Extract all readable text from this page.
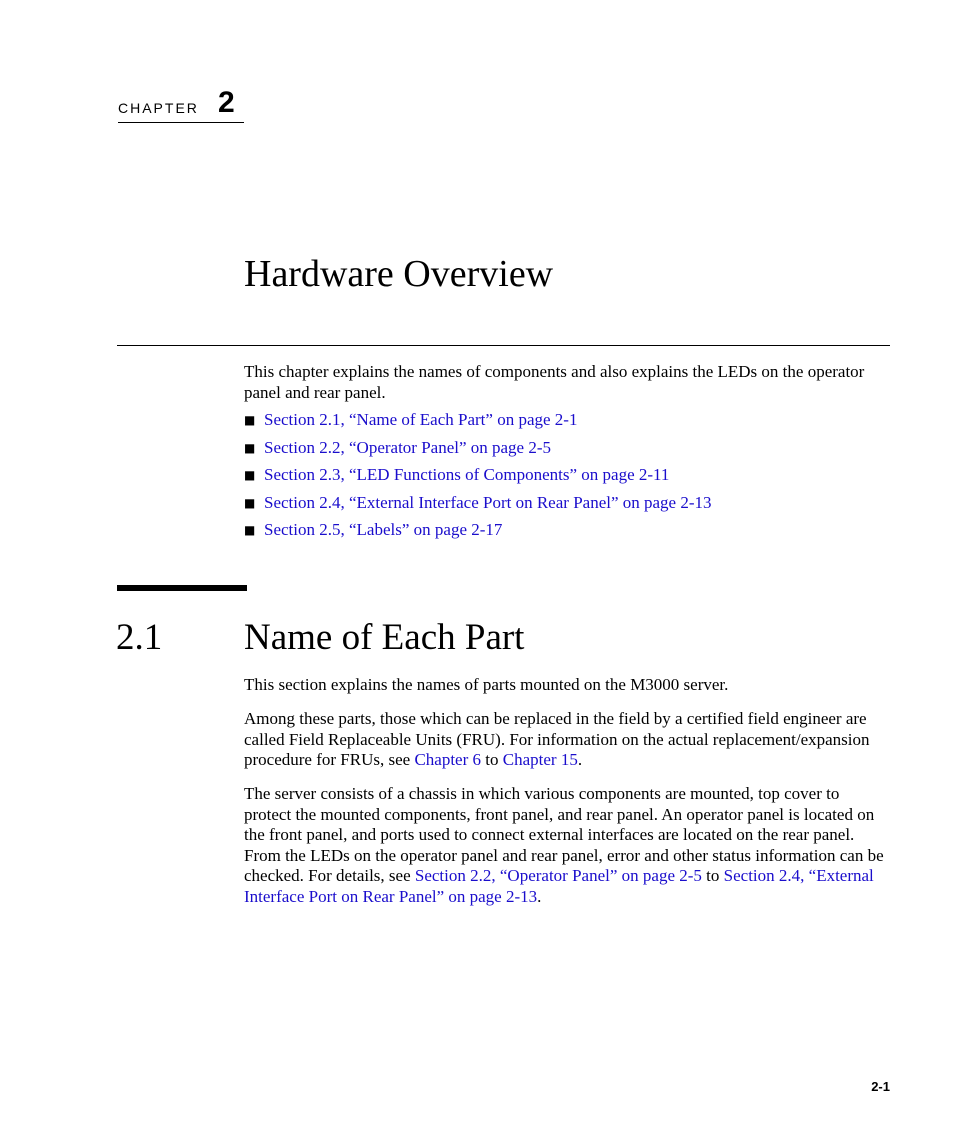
CHAPTER 2
Hardware Overview

This chapter explains the names of components and also explains the LEDs on the operator panel and rear panel.

■ Section 2.1, “Name of Each Part” on page 2-1
■ Section 2.2, “Operator Panel” on page 2-5
■ Section 2.3, “LED Functions of Components” on page 2-11
■ Section 2.4, “External Interface Port on Rear Panel” on page 2-13
■ Section 2.5, “Labels” on page 2-17
2.1 Name of Each Part

This section explains the names of parts mounted on the M3000 server.

Among these parts, those which can be replaced in the field by a certified field engineer are called Field Replaceable Units (FRU). For information on the actual replacement/expansion procedure for FRUs, see Chapter 6 to Chapter 15.

The server consists of a chassis in which various components are mounted, top cover to protect the mounted components, front panel, and rear panel. An operator panel is located on the front panel, and ports used to connect external interfaces are located on the rear panel. From the LEDs on the operator panel and rear panel, error and other status information can be checked. For details, see Section 2.2, “Operator Panel” on page 2-5 to Section 2.4, “External Interface Port on Rear Panel” on page 2-13.

2-1
